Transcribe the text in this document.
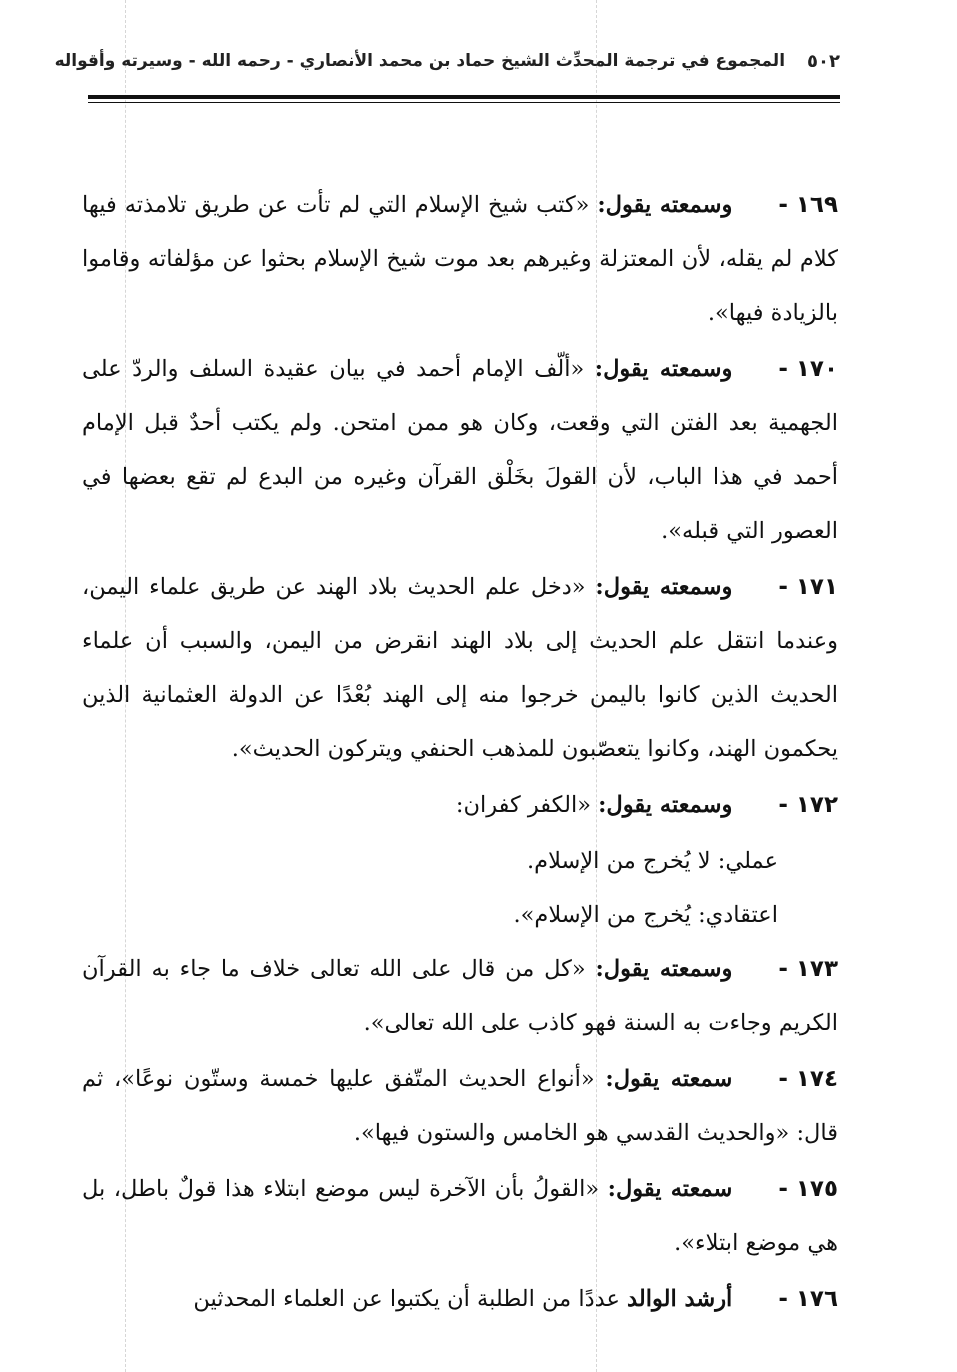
٥٠٢
المجموع في ترجمة المحدِّث الشيخ حماد بن محمد الأنصاري - رحمه الله - وسيرته وأقواله

١٦٩ -وسمعته يقول: «كتب شيخ الإسلام التي لم تأت عن طريق تلامذته فيها كلام لم يقله، لأن المعتزلة وغيرهم بعد موت شيخ الإسلام بحثوا عن مؤلفاته وقاموا بالزيادة فيها».

١٧٠ -وسمعته يقول: «ألّف الإمام أحمد في بيان عقيدة السلف والردّ على الجهمية بعد الفتن التي وقعت، وكان هو ممن امتحن. ولم يكتب أحدٌ قبل الإمام أحمد في هذا الباب، لأن القولَ بخَلْق القرآن وغيره من البدع لم تقع بعضها في العصور التي قبله».

١٧١ -وسمعته يقول: «دخل علم الحديث بلاد الهند عن طريق علماء اليمن، وعندما انتقل علم الحديث إلى بلاد الهند انقرض من اليمن، والسبب أن علماء الحديث الذين كانوا باليمن خرجوا منه إلى الهند بُعْدًا عن الدولة العثمانية الذين يحكمون الهند، وكانوا يتعصّبون للمذهب الحنفي ويتركون الحديث».

١٧٢ -وسمعته يقول: «الكفر كفران:

عملي: لا يُخرج من الإسلام.

اعتقادي: يُخرج من الإسلام».

١٧٣ -وسمعته يقول: «كل من قال على الله تعالى خلاف ما جاء به القرآن الكريم وجاءت به السنة فهو كاذب على الله تعالى».

١٧٤ -سمعته يقول: «أنواع الحديث المتّفق عليها خمسة وستّون نوعًا»، ثم قال: «والحديث القدسي هو الخامس والستون فيها».

١٧٥ -سمعته يقول: «القولُ بأن الآخرة ليس موضع ابتلاء هذا قولٌ باطل، بل هي موضع ابتلاء».

١٧٦ -أرشد الوالد عددًا من الطلبة أن يكتبوا عن العلماء المحدثين
